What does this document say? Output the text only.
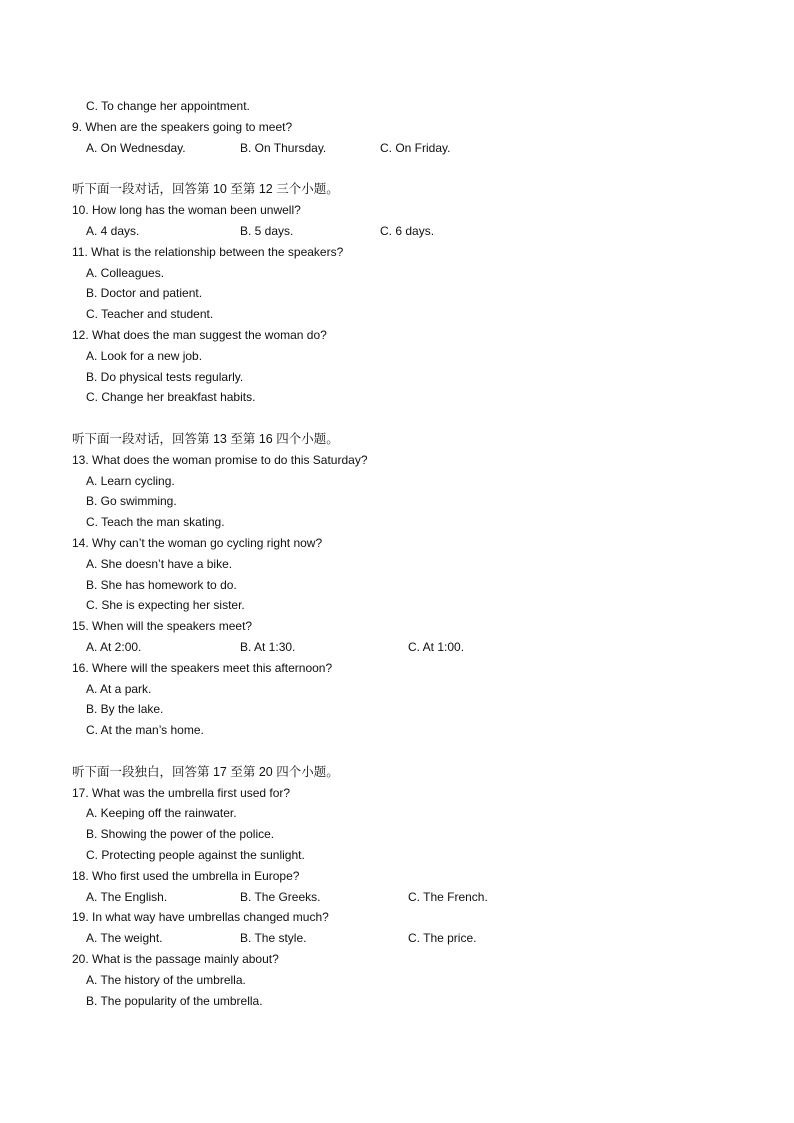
C. To change her appointment.
9. When are the speakers going to meet?
A. On Wednesday.	B. On Thursday.	C. On Friday.
听下面一段对话，回答第 10 至第 12 三个小题。
10. How long has the woman been unwell?
A. 4 days.	B. 5 days.	C. 6 days.
11. What is the relationship between the speakers?
A. Colleagues.
B. Doctor and patient.
C. Teacher and student.
12. What does the man suggest the woman do?
A. Look for a new job.
B. Do physical tests regularly.
C. Change her breakfast habits.
听下面一段对话，回答第 13 至第 16 四个小题。
13. What does the woman promise to do this Saturday?
A. Learn cycling.
B. Go swimming.
C. Teach the man skating.
14. Why can’t the woman go cycling right now?
A. She doesn’t have a bike.
B. She has homework to do.
C. She is expecting her sister.
15. When will the speakers meet?
A. At 2:00.	B. At 1:30.	C. At 1:00.
16. Where will the speakers meet this afternoon?
A. At a park.
B. By the lake.
C. At the man’s home.
听下面一段独白，回答第 17 至第 20 四个小题。
17. What was the umbrella first used for?
A. Keeping off the rainwater.
B. Showing the power of the police.
C. Protecting people against the sunlight.
18. Who first used the umbrella in Europe?
A. The English.	B. The Greeks.	C. The French.
19. In what way have umbrellas changed much?
A. The weight.	B. The style.	C. The price.
20. What is the passage mainly about?
A. The history of the umbrella.
B. The popularity of the umbrella.
